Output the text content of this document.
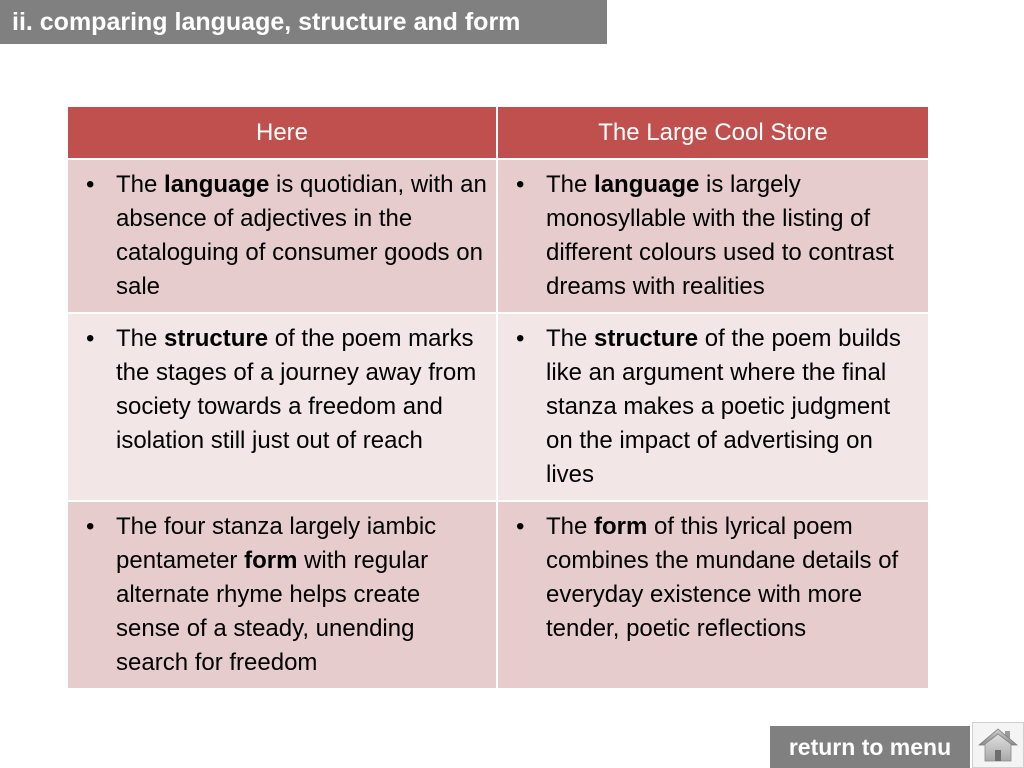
ii. comparing language, structure and form
Here	The Large Cool Store

• The language is quotidian, with an absence of adjectives in the cataloguing of consumer goods on sale	• The language is largely monosyllable with the listing of different colours used to contrast dreams with realities

• The structure of the poem marks the stages of a journey away from society towards a freedom and isolation still just out of reach	• The structure of the poem builds like an argument where the final stanza makes a poetic judgment on the impact of advertising on lives

• The four stanza largely iambic pentameter form with regular alternate rhyme helps create sense of a steady, unending search for freedom	• The form of this lyrical poem combines the mundane details of everyday existence with more tender, poetic reflections
return to menu
